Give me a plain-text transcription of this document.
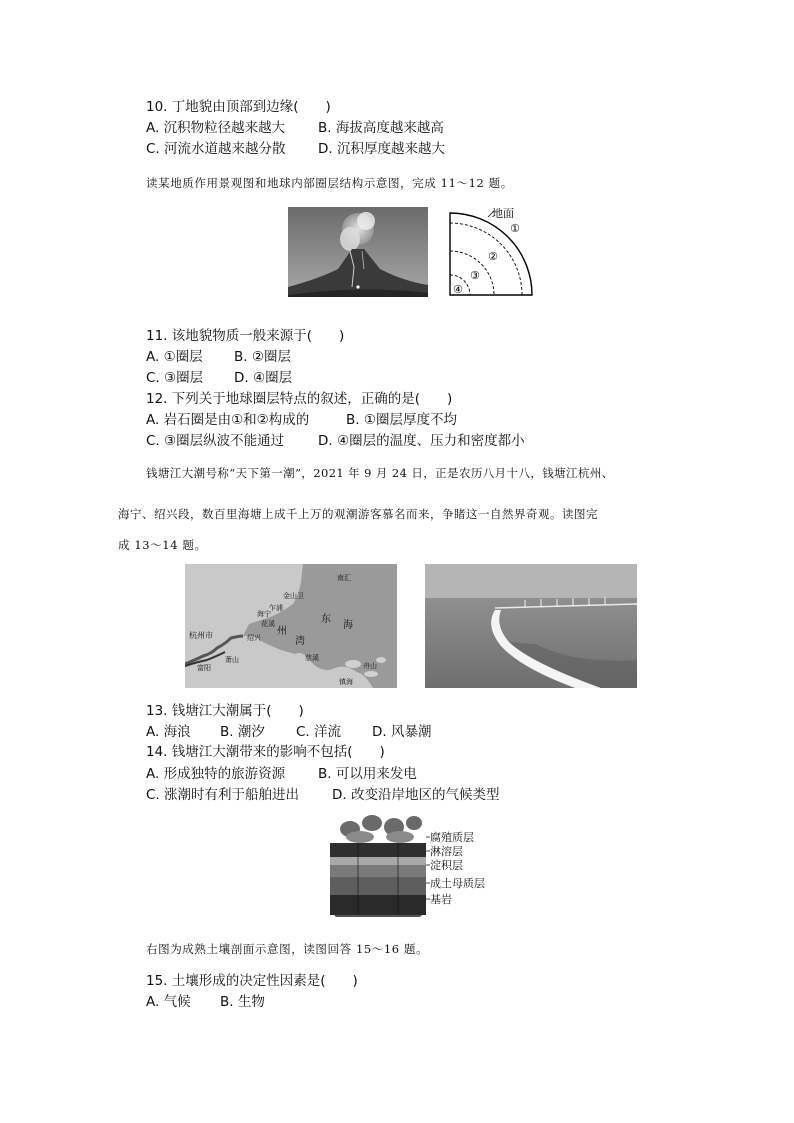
10. 丁地貌由顶部到边缘(　　)
A. 沉积物粒径越来越大 B. 海拔高度越来越高
C. 河流水道越来越分散 D. 沉积厚度越来越大
读某地质作用景观图和地球内部圈层结构示意图，完成 11～12 题。
地面
①
②
③
④
11. 该地貌物质一般来源于(　　)
A. ①圈层 B. ②圈层
C. ③圈层 D. ④圈层
12. 下列关于地球圈层特点的叙述，正确的是(　　)
A. 岩石圈是由①和②构成的	B. ①圈层厚度不均
C. ③圈层纵波不能通过	D. ④圈层的温度、压力和密度都小
钱塘江大潮号称“天下第一潮”，2021 年 9 月 24 日，正是农历八月十八，钱塘江杭州、
海宁、绍兴段，数百里海塘上成千上万的观潮游客慕名而来，争睹这一自然界奇观。读图完
成 13～14 题。
南汇
金山卫
乍浦
海宁
花溪
杭州市	绍兴
萧山
富阳
州
湾
东
海
慈溪
舟山
镇海
13. 钱塘江大潮属于(　　)
A. 海浪 B. 潮汐 C. 洋流 D. 风暴潮
14. 钱塘江大潮带来的影响不包括(　　)
A. 形成独特的旅游资源 B. 可以用来发电
C. 涨潮时有利于船舶进出 D. 改变沿岸地区的气候类型
腐殖质层
淋溶层
淀积层
成土母质层
基岩
右图为成熟土壤剖面示意图，读图回答 15～16 题。
15. 土壤形成的决定性因素是(　　)
A. 气候 B. 生物
